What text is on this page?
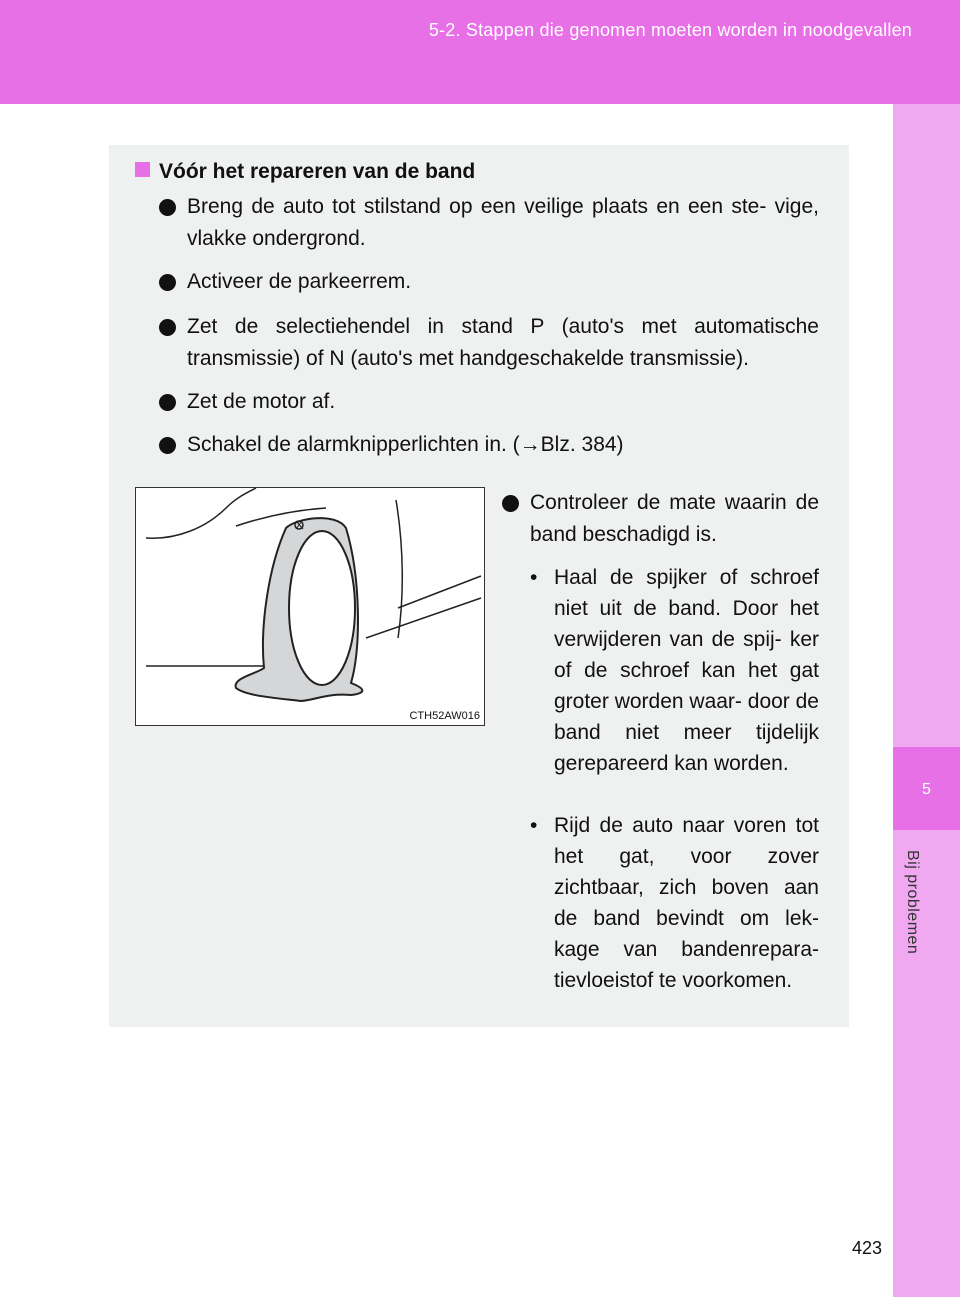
5-2. Stappen die genomen moeten worden in noodgevallen
5
Bij problemen
Vóór het repareren van de band
Breng de auto tot stilstand op een veilige plaats en een ste- vige, vlakke ondergrond.
Activeer de parkeerrem.
Zet de selectiehendel in stand P (auto's met automatische transmissie) of N (auto's met handgeschakelde transmissie).
Zet de motor af.
Schakel de alarmknipperlichten in. (→Blz. 384)
CTH52AW016
Controleer de mate waarin de band beschadigd is.
• Haal de spijker of schroef niet uit de band. Door het verwijderen van de spij- ker of de schroef kan het gat groter worden waar- door de band niet meer tijdelijk gerepareerd kan worden.
• Rijd de auto naar voren tot het gat, voor zover zichtbaar, zich boven aan de band bevindt om lek- kage van bandenrepara- tievloeistof te voorkomen.
423
